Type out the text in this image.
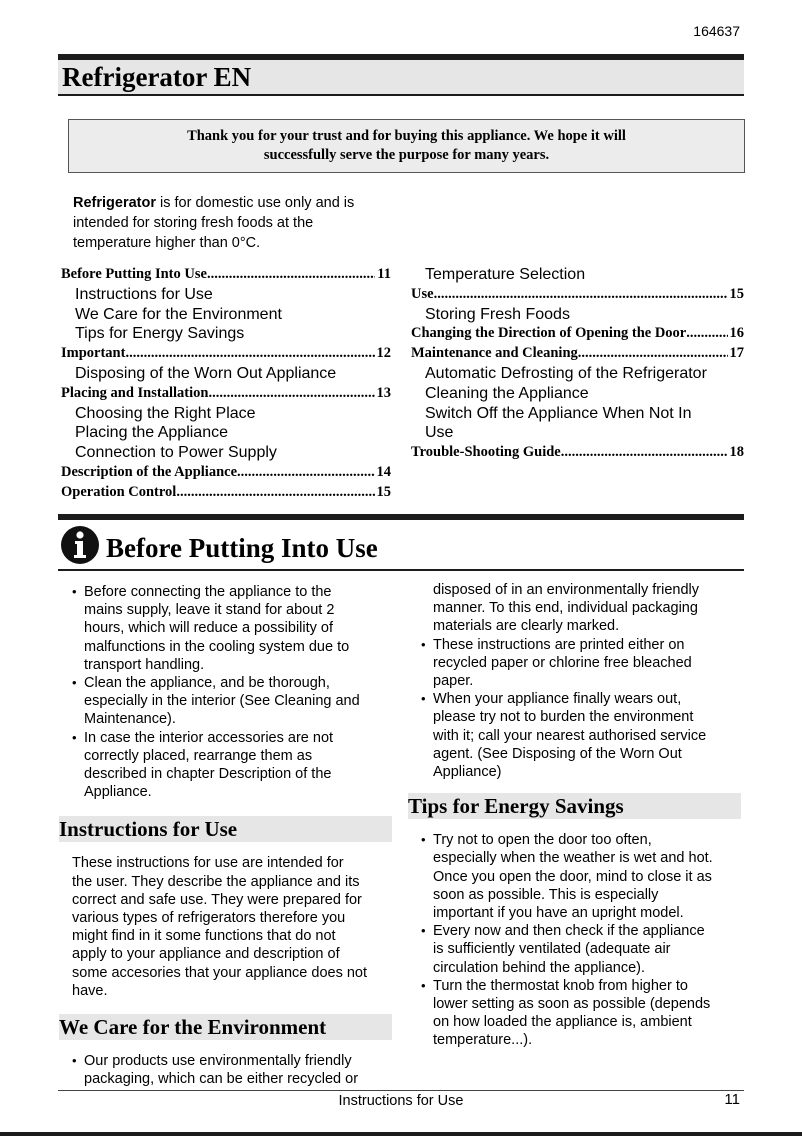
164637
Refrigerator EN
Thank you for your trust and for buying this appliance. We hope it will
successfully serve the purpose for many years.
Refrigerator is for domestic use only and is
intended for storing fresh foods at the
temperature higher than 0°C.
Before Putting Into Use .....	11
Instructions for Use
We Care for the Environment
Tips for Energy Savings
Important .....	12
Disposing of the Worn Out Appliance
Placing and Installation .....	13
Choosing the Right Place
Placing the Appliance
Connection to Power Supply
Description of the Appliance .....	14
Operation Control .....	15
Temperature Selection
Use .....	15
Storing Fresh Foods
Changing the Direction of Opening the Door .....	16
Maintenance and Cleaning .....	17
Automatic Defrosting of the Refrigerator
Cleaning the Appliance
Switch Off the Appliance When Not In
Use
Trouble-Shooting Guide .....	18
Before Putting Into Use
• Before connecting the appliance to the
mains supply, leave it stand for about 2
hours, which will reduce a possibility of
malfunctions in the cooling system due to
transport handling.
• Clean the appliance, and be thorough,
especially in the interior (See Cleaning and
Maintenance).
• In case the interior accessories are not
correctly placed, rearrange them as
described in chapter Description of the
Appliance.
Instructions for Use
These instructions for use are intended for
the user. They describe the appliance and its
correct and safe use. They were prepared for
various types of refrigerators therefore you
might find in it some functions that do not
apply to your appliance and description of
some accesories that your appliance does not
have.
We Care for the Environment
• Our products use environmentally friendly
packaging, which can be either recycled or
disposed of in an environmentally friendly
manner. To this end, individual packaging
materials are clearly marked.
• These instructions are printed either on
recycled paper or chlorine free bleached
paper.
• When your appliance finally wears out,
please try not to burden the environment
with it; call your nearest authorised service
agent. (See Disposing of the Worn Out
Appliance)
Tips for Energy Savings
• Try not to open the door too often,
especially when the weather is wet and hot.
Once you open the door, mind to close it as
soon as possible. This is especially
important if you have an upright model.
• Every now and then check if the appliance
is sufficiently ventilated (adequate air
circulation behind the appliance).
• Turn the thermostat knob from higher to
lower setting as soon as possible (depends
on how loaded the appliance is, ambient
temperature...).
Instructions for Use	11
